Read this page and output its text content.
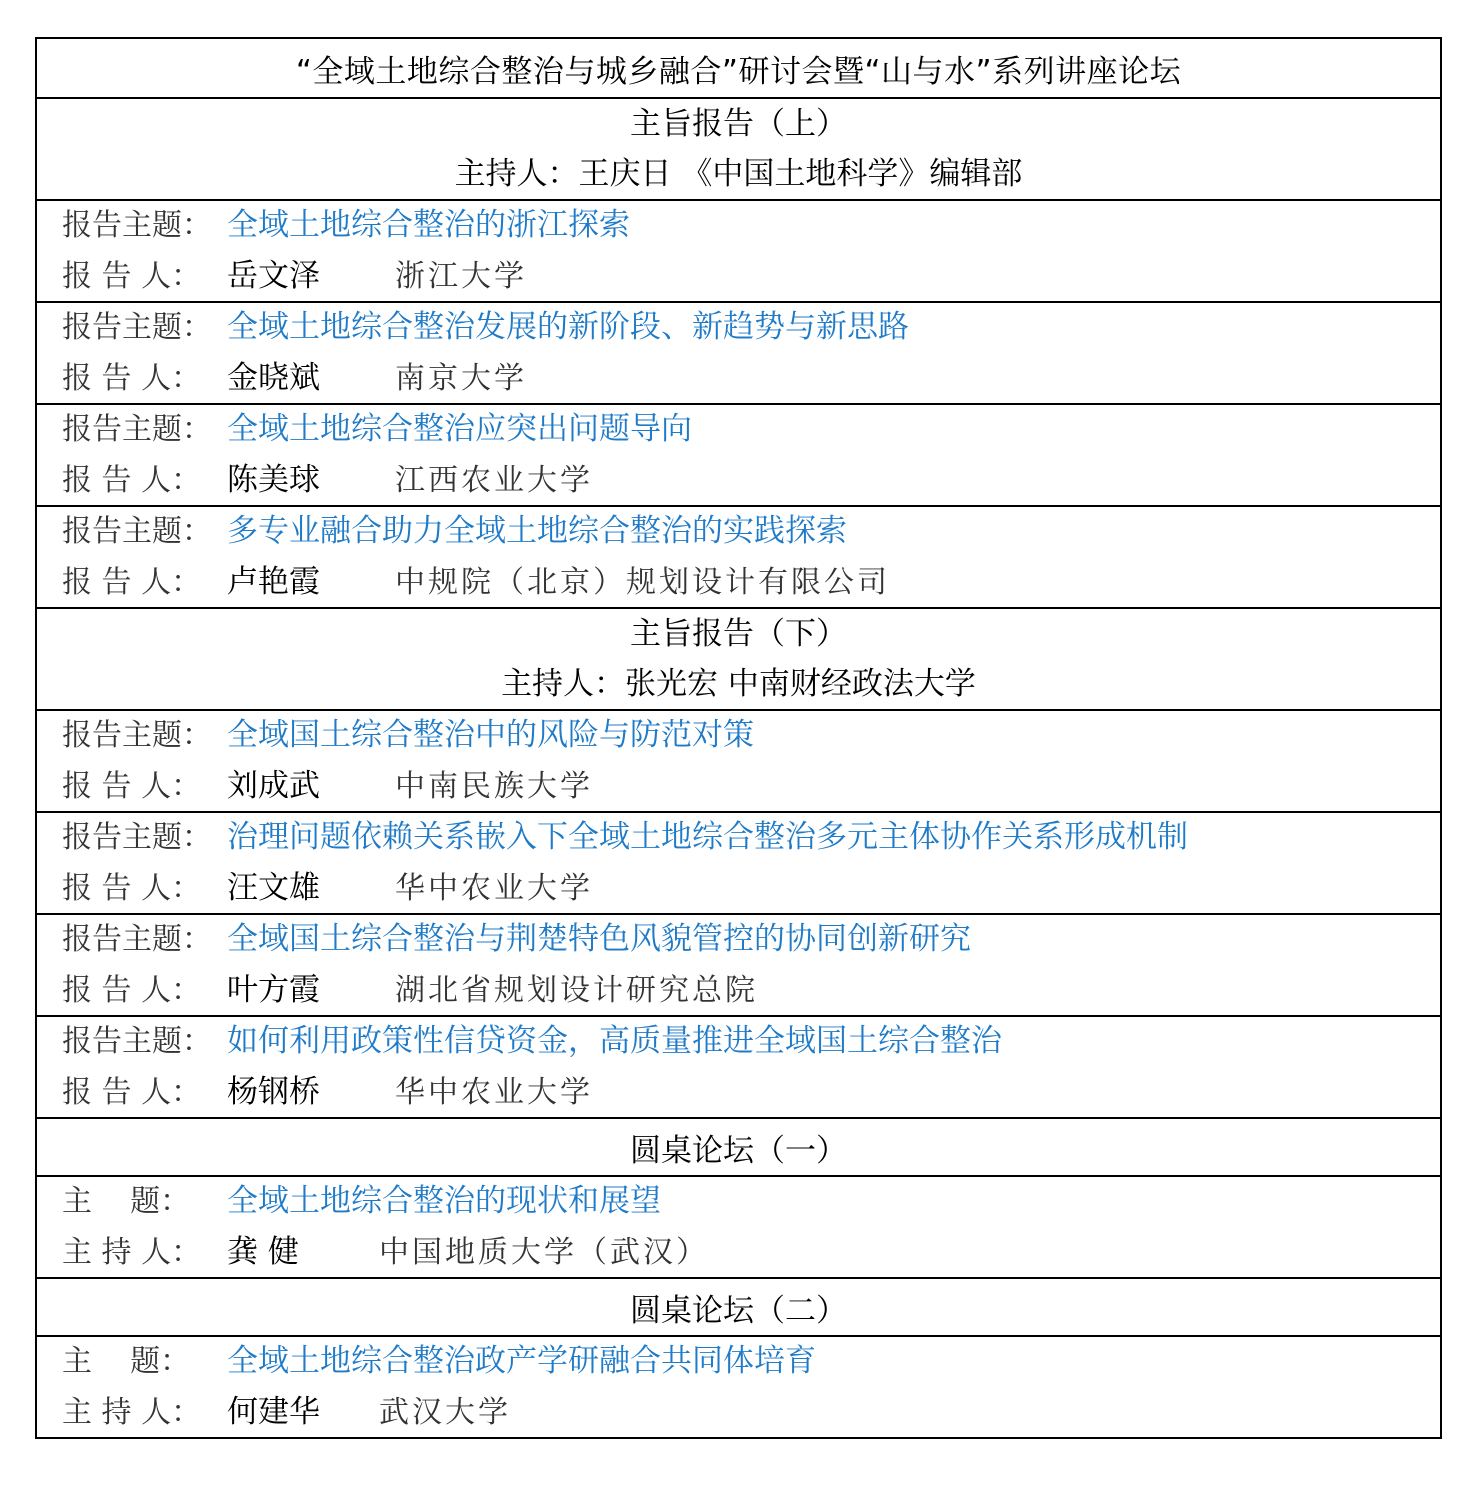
“全域土地综合整治与城乡融合”研讨会暨“山与水”系列讲座论坛
主旨报告（上）
主持人：王庆日 《中国土地科学》编辑部
报告主题： 全域土地综合整治的浙江探索
报 告 人： 岳文泽	浙江大学
报告主题： 全域土地综合整治发展的新阶段、新趋势与新思路
报 告 人： 金晓斌	南京大学
报告主题： 全域土地综合整治应突出问题导向
报 告 人： 陈美球	江西农业大学
报告主题： 多专业融合助力全域土地综合整治的实践探索
报 告 人： 卢艳霞	中规院（北京）规划设计有限公司
主旨报告（下）
主持人：张光宏 中南财经政法大学
报告主题： 全域国土综合整治中的风险与防范对策
报 告 人： 刘成武	中南民族大学
报告主题： 治理问题依赖关系嵌入下全域土地综合整治多元主体协作关系形成机制
报 告 人： 汪文雄	华中农业大学
报告主题： 全域国土综合整治与荆楚特色风貌管控的协同创新研究
报 告 人： 叶方霞	湖北省规划设计研究总院
报告主题： 如何利用政策性信贷资金，高质量推进全域国土综合整治
报 告 人： 杨钢桥	华中农业大学
圆桌论坛（一）
主    题：	全域土地综合整治的现状和展望
主 持 人： 龚 健	中国地质大学（武汉）
圆桌论坛（二）
主    题：	全域土地综合整治政产学研融合共同体培育
主 持 人： 何建华	武汉大学
